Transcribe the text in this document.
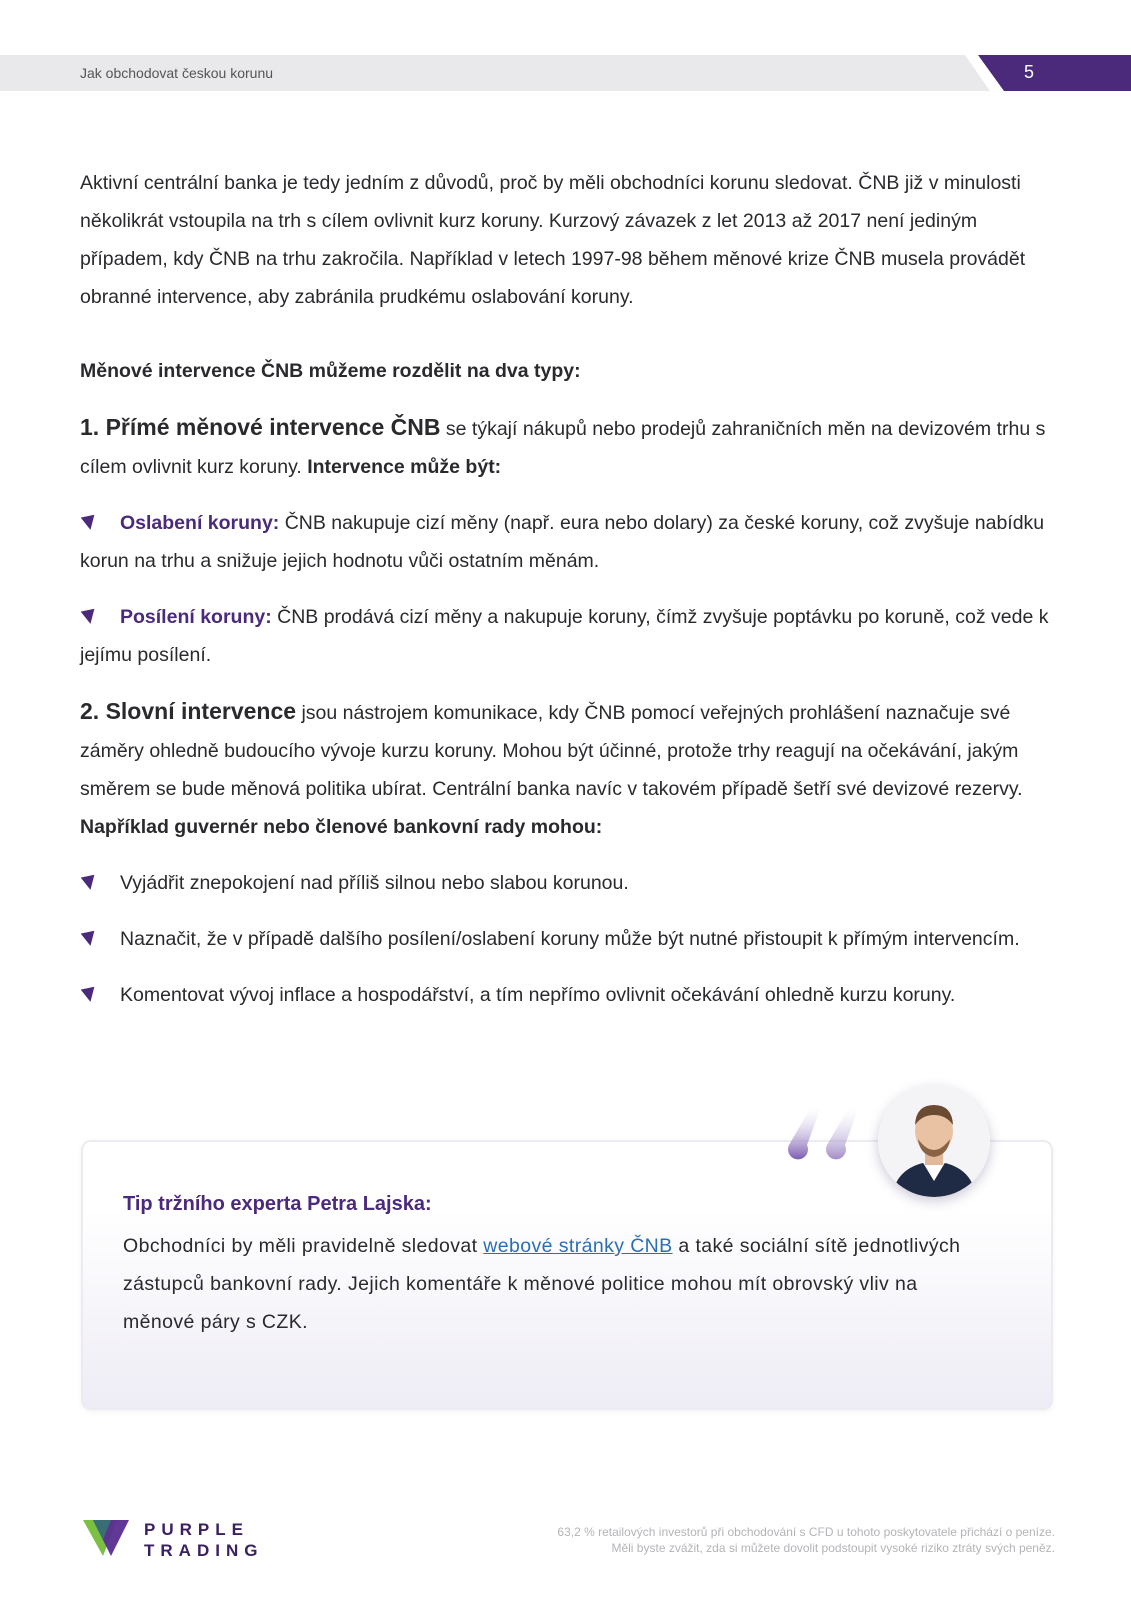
Jak obchodovat českou korunu	5

Aktivní centrální banka je tedy jedním z důvodů, proč by měli obchodníci korunu sledovat. ČNB již v minulosti několikrát vstoupila na trh s cílem ovlivnit kurz koruny. Kurzový závazek z let 2013 až 2017 není jediným případem, kdy ČNB na trhu zakročila. Například v letech 1997-98 během měnové krize ČNB musela provádět obranné intervence, aby zabránila prudkému oslabování koruny.

Měnové intervence ČNB můžeme rozdělit na dva typy:

1. Přímé měnové intervence ČNB se týkají nákupů nebo prodejů zahraničních měn na devizovém trhu s cílem ovlivnit kurz koruny. Intervence může být:

Oslabení koruny: ČNB nakupuje cizí měny (např. eura nebo dolary) za české koruny, což zvyšuje nabídku korun na trhu a snižuje jejich hodnotu vůči ostatním měnám.

Posílení koruny: ČNB prodává cizí měny a nakupuje koruny, čímž zvyšuje poptávku po koruně, což vede k jejímu posílení.

2. Slovní intervence jsou nástrojem komunikace, kdy ČNB pomocí veřejných prohlášení naznačuje své záměry ohledně budoucího vývoje kurzu koruny. Mohou být účinné, protože trhy reagují na očekávání, jakým směrem se bude měnová politika ubírat. Centrální banka navíc v takovém případě šetří své devizové rezervy. Například guvernér nebo členové bankovní rady mohou:

Vyjádřit znepokojení nad příliš silnou nebo slabou korunou.

Naznačit, že v případě dalšího posílení/oslabení koruny může být nutné přistoupit k přímým intervencím.

Komentovat vývoj inflace a hospodářství, a tím nepřímo ovlivnit očekávání ohledně kurzu koruny.

Tip tržního experta Petra Lajska:
Obchodníci by měli pravidelně sledovat webové stránky ČNB a také sociální sítě jednotlivých zástupců bankovní rady. Jejich komentáře k měnové politice mohou mít obrovský vliv na měnové páry s CZK.
PURPLE
TRADING
63,2 % retailových investorů při obchodování s CFD u tohoto poskytovatele přichází o peníze.
Měli byste zvážit, zda si můžete dovolit podstoupit vysoké riziko ztráty svých peněz.
